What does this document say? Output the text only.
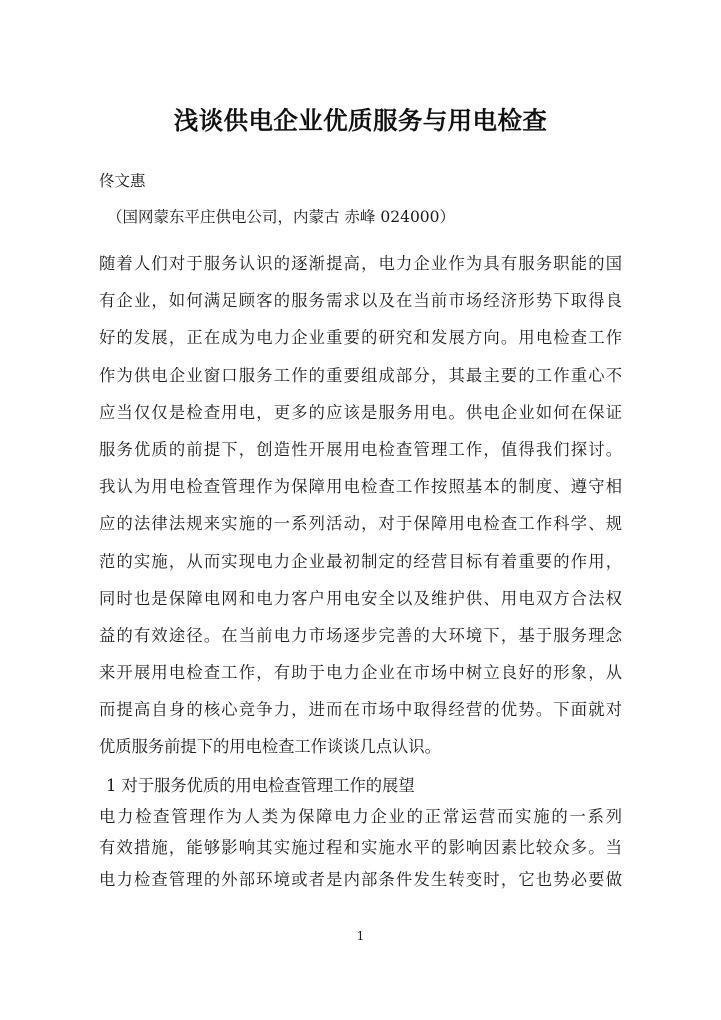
浅谈供电企业优质服务与用电检查
佟文惠
（国网蒙东平庄供电公司，内蒙古 赤峰 024000）
随着人们对于服务认识的逐渐提高，电力企业作为具有服务职能的国
有企业，如何满足顾客的服务需求以及在当前市场经济形势下取得良
好的发展，正在成为电力企业重要的研究和发展方向。用电检查工作
作为供电企业窗口服务工作的重要组成部分，其最主要的工作重心不
应当仅仅是检查用电，更多的应该是服务用电。供电企业如何在保证
服务优质的前提下，创造性开展用电检查管理工作，值得我们探讨。
我认为用电检查管理作为保障用电检查工作按照基本的制度、遵守相
应的法律法规来实施的一系列活动，对于保障用电检查工作科学、规
范的实施，从而实现电力企业最初制定的经营目标有着重要的作用，
同时也是保障电网和电力客户用电安全以及维护供、用电双方合法权
益的有效途径。在当前电力市场逐步完善的大环境下，基于服务理念
来开展用电检查工作，有助于电力企业在市场中树立良好的形象，从
而提高自身的核心竞争力，进而在市场中取得经营的优势。下面就对
优质服务前提下的用电检查工作谈谈几点认识。
1 对于服务优质的用电检查管理工作的展望
电力检查管理作为人类为保障电力企业的正常运营而实施的一系列
有效措施，能够影响其实施过程和实施水平的影响因素比较众多。当
电力检查管理的外部环境或者是内部条件发生转变时，它也势必要做
1
